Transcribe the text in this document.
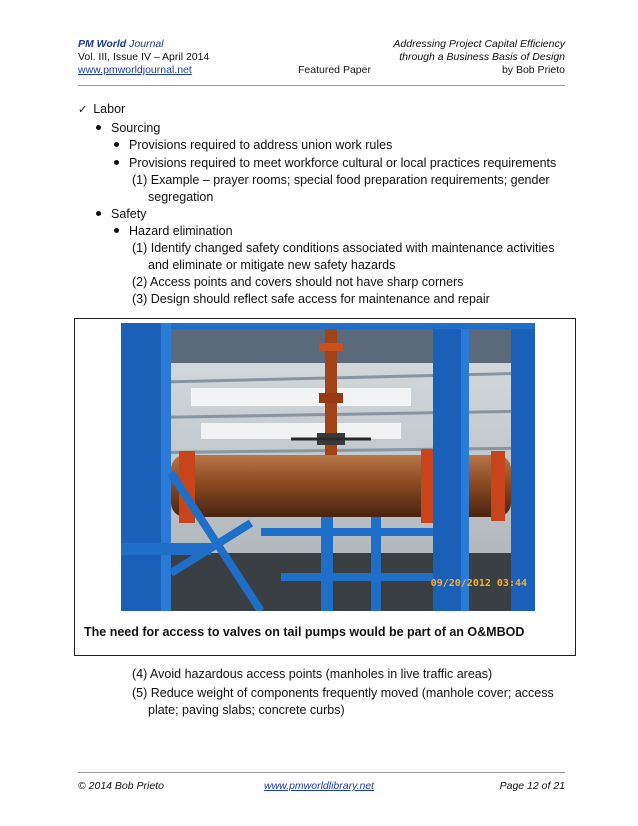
PM World Journal	Addressing Project Capital Efficiency
Vol. III, Issue IV – April 2014	through a Business Basis of Design
www.pmworldjournal.net	Featured Paper	by Bob Prieto
✓ Labor
Sourcing
Provisions required to address union work rules
Provisions required to meet workforce cultural or local practices requirements
(1) Example – prayer rooms; special food preparation requirements; gender
segregation
Safety
Hazard elimination
(1) Identify changed safety conditions associated with maintenance activities
and eliminate or mitigate new safety hazards
(2) Access points and covers should not have sharp corners
(3) Design should reflect safe access for maintenance and repair
(4) Avoid hazardous access points (manholes in live traffic areas)
(5) Reduce weight of components frequently moved (manhole cover; access
plate; paving slabs; concrete curbs)
09/20/2012 03:44
The need for access to valves on tail pumps would be part of an O&MBOD
© 2014 Bob Prieto	www.pmworldlibrary.net	Page 12 of 21
